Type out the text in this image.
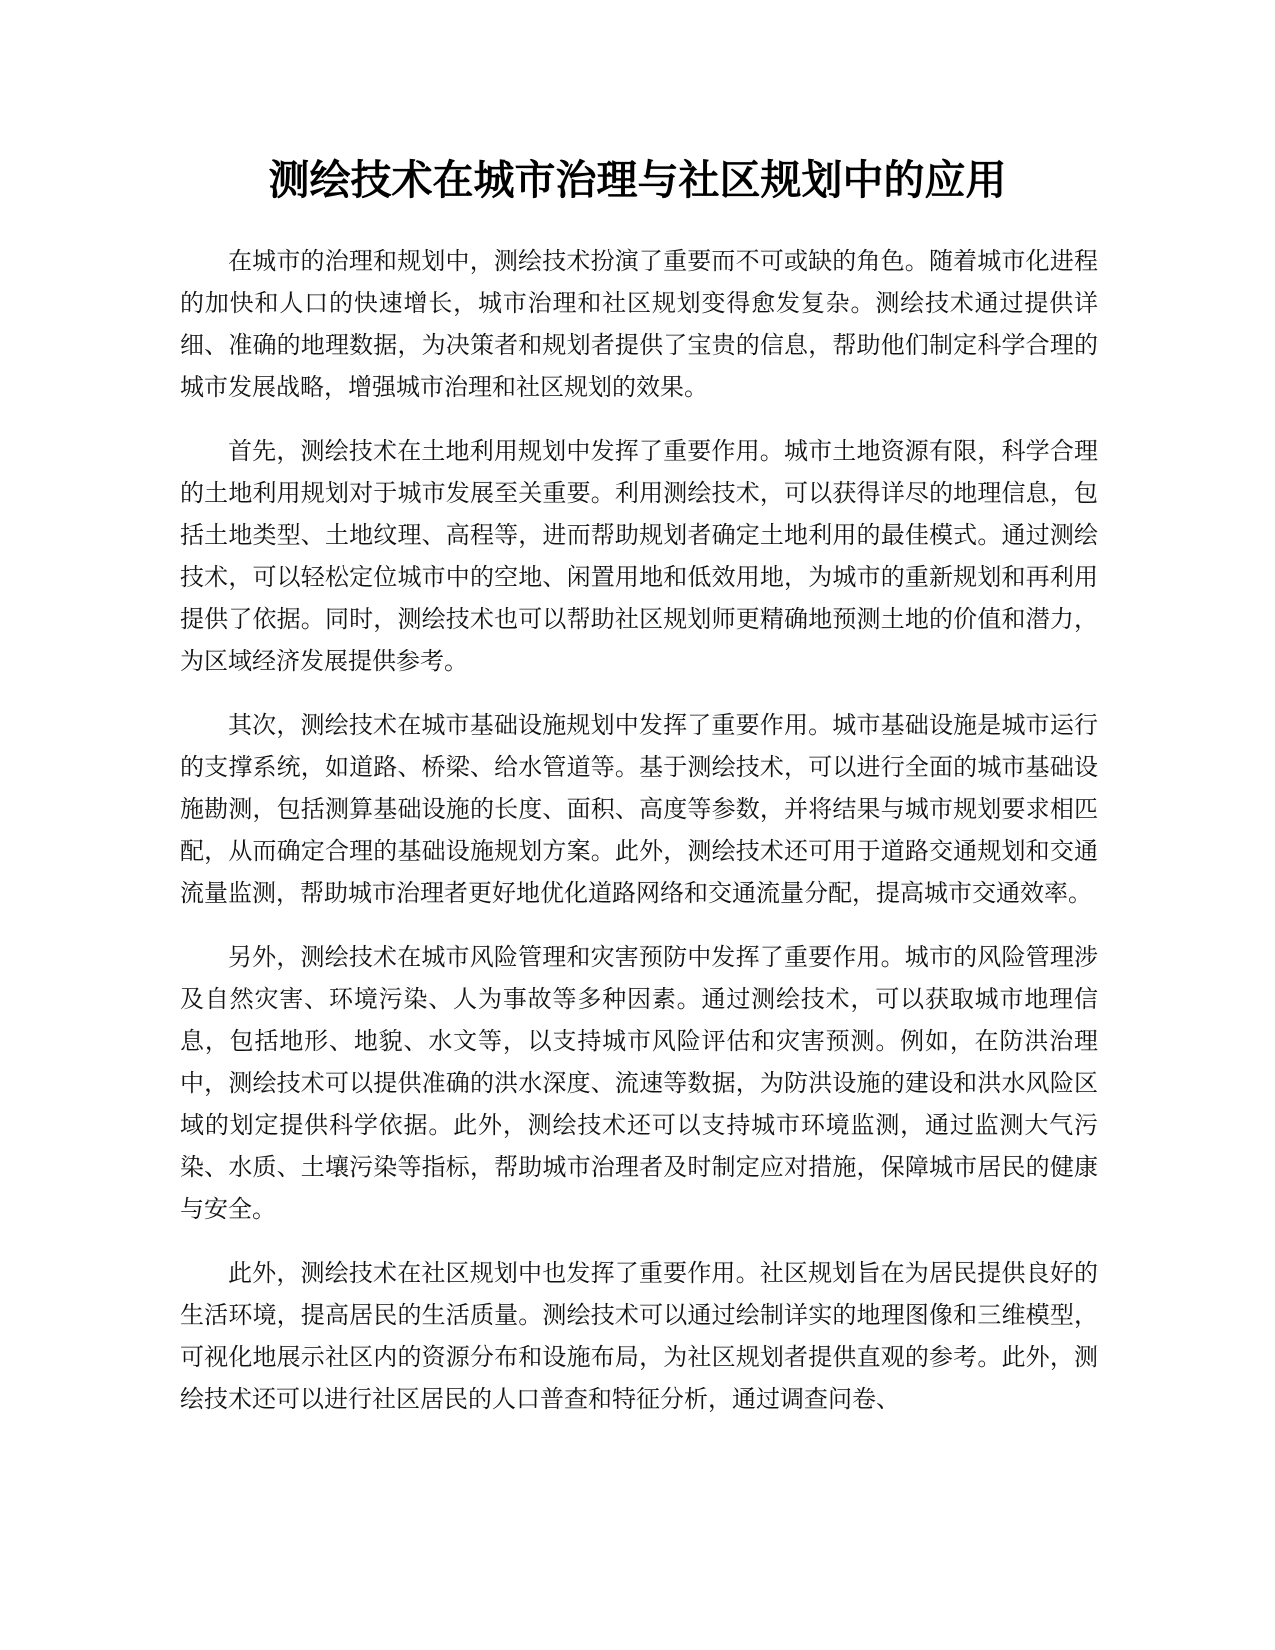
测绘技术在城市治理与社区规划中的应用

在城市的治理和规划中，测绘技术扮演了重要而不可或缺的角色。随着城市化进程的加快和人口的快速增长，城市治理和社区规划变得愈发复杂。测绘技术通过提供详细、准确的地理数据，为决策者和规划者提供了宝贵的信息，帮助他们制定科学合理的城市发展战略，增强城市治理和社区规划的效果。

首先，测绘技术在土地利用规划中发挥了重要作用。城市土地资源有限，科学合理的土地利用规划对于城市发展至关重要。利用测绘技术，可以获得详尽的地理信息，包括土地类型、土地纹理、高程等，进而帮助规划者确定土地利用的最佳模式。通过测绘技术，可以轻松定位城市中的空地、闲置用地和低效用地，为城市的重新规划和再利用提供了依据。同时，测绘技术也可以帮助社区规划师更精确地预测土地的价值和潜力，为区域经济发展提供参考。

其次，测绘技术在城市基础设施规划中发挥了重要作用。城市基础设施是城市运行的支撑系统，如道路、桥梁、给水管道等。基于测绘技术，可以进行全面的城市基础设施勘测，包括测算基础设施的长度、面积、高度等参数，并将结果与城市规划要求相匹配，从而确定合理的基础设施规划方案。此外，测绘技术还可用于道路交通规划和交通流量监测，帮助城市治理者更好地优化道路网络和交通流量分配，提高城市交通效率。

另外，测绘技术在城市风险管理和灾害预防中发挥了重要作用。城市的风险管理涉及自然灾害、环境污染、人为事故等多种因素。通过测绘技术，可以获取城市地理信息，包括地形、地貌、水文等，以支持城市风险评估和灾害预测。例如，在防洪治理中，测绘技术可以提供准确的洪水深度、流速等数据，为防洪设施的建设和洪水风险区域的划定提供科学依据。此外，测绘技术还可以支持城市环境监测，通过监测大气污染、水质、土壤污染等指标，帮助城市治理者及时制定应对措施，保障城市居民的健康与安全。

此外，测绘技术在社区规划中也发挥了重要作用。社区规划旨在为居民提供良好的生活环境，提高居民的生活质量。测绘技术可以通过绘制详实的地理图像和三维模型，可视化地展示社区内的资源分布和设施布局，为社区规划者提供直观的参考。此外，测绘技术还可以进行社区居民的人口普查和特征分析，通过调查问卷、
